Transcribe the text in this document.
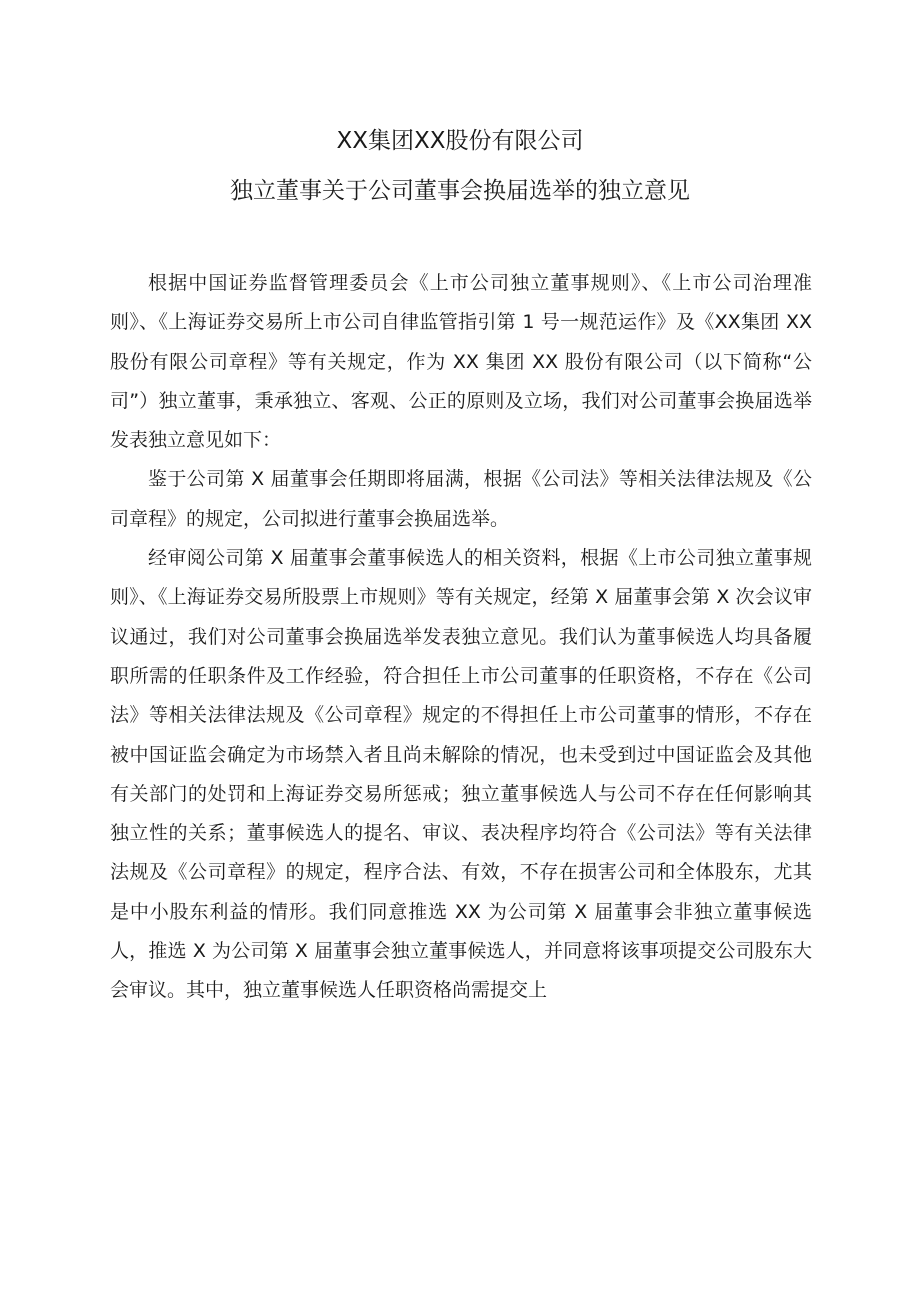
XX集团XX股份有限公司
独立董事关于公司董事会换届选举的独立意见

根据中国证券监督管理委员会《上市公司独立董事规则》、《上市公司治理准则》、《上海证券交易所上市公司自律监管指引第 1 号一规范运作》及《XX集团 XX 股份有限公司章程》等有关规定，作为 XX 集团 XX 股份有限公司（以下简称“公司”）独立董事，秉承独立、客观、公正的原则及立场，我们对公司董事会换届选举发表独立意见如下：

鉴于公司第 X 届董事会任期即将届满，根据《公司法》等相关法律法规及《公司章程》的规定，公司拟进行董事会换届选举。

经审阅公司第 X 届董事会董事候选人的相关资料，根据《上市公司独立董事规则》、《上海证券交易所股票上市规则》等有关规定，经第 X 届董事会第 X 次会议审议通过，我们对公司董事会换届选举发表独立意见。我们认为董事候选人均具备履职所需的任职条件及工作经验，符合担任上市公司董事的任职资格，不存在《公司法》等相关法律法规及《公司章程》规定的不得担任上市公司董事的情形，不存在被中国证监会确定为市场禁入者且尚未解除的情况，也未受到过中国证监会及其他有关部门的处罚和上海证券交易所惩戒；独立董事候选人与公司不存在任何影响其独立性的关系；董事候选人的提名、审议、表决程序均符合《公司法》等有关法律法规及《公司章程》的规定，程序合法、有效，不存在损害公司和全体股东，尤其是中小股东利益的情形。我们同意推选 XX 为公司第 X 届董事会非独立董事候选人，推选 X 为公司第 X 届董事会独立董事候选人，并同意将该事项提交公司股东大会审议。其中，独立董事候选人任职资格尚需提交上
